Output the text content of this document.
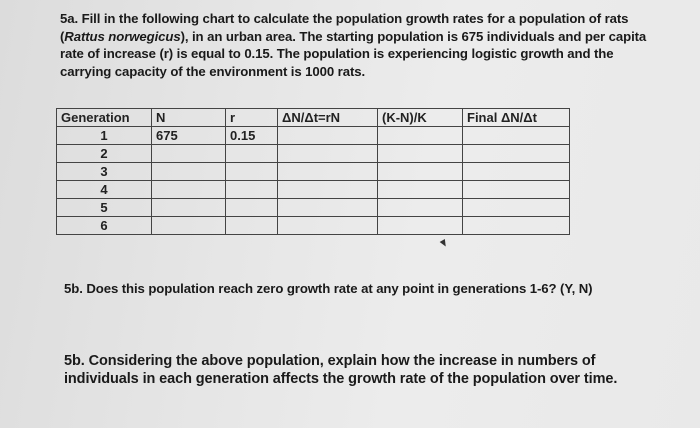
5a. Fill in the following chart to calculate the population growth rates for a population of rats (Rattus norwegicus), in an urban area. The starting population is 675 individuals and per capita rate of increase (r) is equal to 0.15. The population is experiencing logistic growth and the carrying capacity of the environment is 1000 rats.
Generation	N	r	ΔN/Δt=rN	(K-N)/K	Final ΔN/Δt
1	675	0.15			
2					
3					
4					
5					
6					
5b. Does this population reach zero growth rate at any point in generations 1-6? (Y, N)
5b. Considering the above population, explain how the increase in numbers of individuals in each generation affects the growth rate of the population over time.
